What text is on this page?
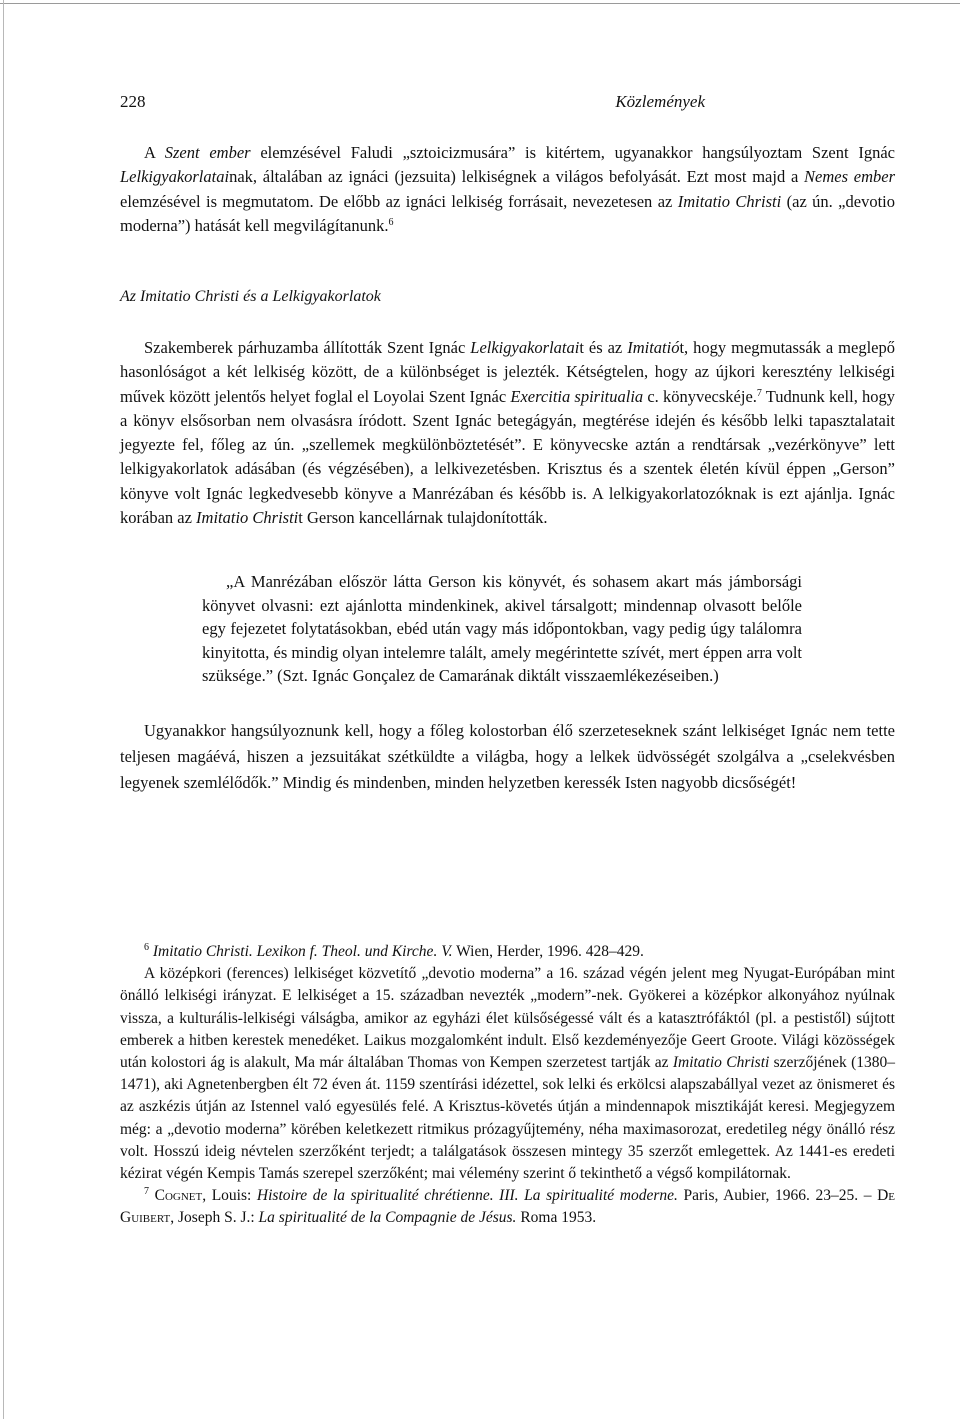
228	Közlemények

A Szent ember elemzésével Faludi „sztoicizmusára” is kitértem, ugyanakkor hangsúlyoztam Szent Ignác Lelkigyakorlatainak, általában az ignáci (jezsuita) lelkiségnek a világos befolyását. Ezt most majd a Nemes ember elemzésével is megmutatom. De előbb az ignáci lelkiség forrásait, nevezetesen az Imitatio Christi (az ún. „devotio moderna”) hatását kell megvilágítanunk.$^6$

Az Imitatio Christi és a Lelkigyakorlatok

Szakemberek párhuzamba állították Szent Ignác Lelkigyakorlatait és az Imitatiót, hogy megmutassák a meglepő hasonlóságot a két lelkiség között, de a különbséget is jelezték. Kétségtelen, hogy az újkori keresztény lelkiségi művek között jelentős helyet foglal el Loyolai Szent Ignác Exercitia spiritualia c. könyvecskéje.$^7$ Tudnunk kell, hogy a könyv elsősorban nem olvasásra íródott. Szent Ignác betegágyán, megtérése idején és később lelki tapasztalatait jegyezte fel, főleg az ún. „szellemek megkülönböztetését”. E könyvecske aztán a rendtársak „vezérkönyve” lett lelkigyakorlatok adásában (és végzésében), a lelkivezetésben. Krisztus és a szentek életén kívül éppen „Gerson” könyve volt Ignác legkedvesebb könyve a Manrézában és később is. A lelkigyakorlatozóknak is ezt ajánlja. Ignác korában az Imitatio Christit Gerson kancellárnak tulajdonították.

„A Manrézában először látta Gerson kis könyvét, és sohasem akart más jámborsági könyvet olvasni: ezt ajánlotta mindenkinek, akivel társalgott; mindennap olvasott belőle egy fejezetet folytatásokban, ebéd után vagy más időpontokban, vagy pedig úgy találomra kinyitotta, és mindig olyan intelemre talált, amely megérintette szívét, mert éppen arra volt szüksége.” (Szt. Ignác Gonçalez de Camarának diktált visszaemlékezéseiben.)

Ugyanakkor hangsúlyoznunk kell, hogy a főleg kolostorban élő szerzeteseknek szánt lelkiséget Ignác nem tette teljesen magáévá, hiszen a jezsuitákat szétküldte a világba, hogy a lelkek üdvösségét szolgálva a „cselekvésben legyenek szemlélődők.” Mindig és mindenben, minden helyzetben keressék Isten nagyobb dicsőségét!

$^6$ Imitatio Christi. Lexikon f. Theol. und Kirche. V. Wien, Herder, 1996. 428–429.

A középkori (ferences) lelkiséget közvetítő „devotio moderna” a 16. század végén jelent meg Nyugat-Európában mint önálló lelkiségi irányzat. E lelkiséget a 15. században nevezték „modern”-nek. Gyökerei a középkor alkonyához nyúlnak vissza, a kulturális-lelkiségi válságba, amikor az egyházi élet külsőségessé vált és a katasztrófáktól (pl. a pestistől) sújtott emberek a hitben kerestek menedéket. Laikus mozgalomként indult. Első kezdeményezője Geert Groote. Világi közösségek után kolostori ág is alakult, Ma már általában Thomas von Kempen szerzetest tartják az Imitatio Christi szerzőjének (1380–1471), aki Agnetenbergben élt 72 éven át. 1159 szentírási idézettel, sok lelki és erkölcsi alapszabállyal vezet az önismeret és az aszkézis útján az Istennel való egyesülés felé. A Krisztus-követés útján a mindennapok misztikáját keresi. Megjegyzem még: a „devotio moderna” körében keletkezett ritmikus prózagyűjtemény, néha maximasorozat, eredetileg négy önálló rész volt. Hosszú ideig névtelen szerzőként terjedt; a találgatások összesen mintegy 35 szerzőt emlegettek. Az 1441-es eredeti kézirat végén Kempis Tamás szerepel szerzőként; mai vélemény szerint ő tekinthető a végső kompilátornak.

$^7$ Cognet, Louis: Histoire de la spiritualité chrétienne. III. La spiritualité moderne. Paris, Aubier, 1966. 23–25. – De Guibert, Joseph S. J.: La spiritualité de la Compagnie de Jésus. Roma 1953.
